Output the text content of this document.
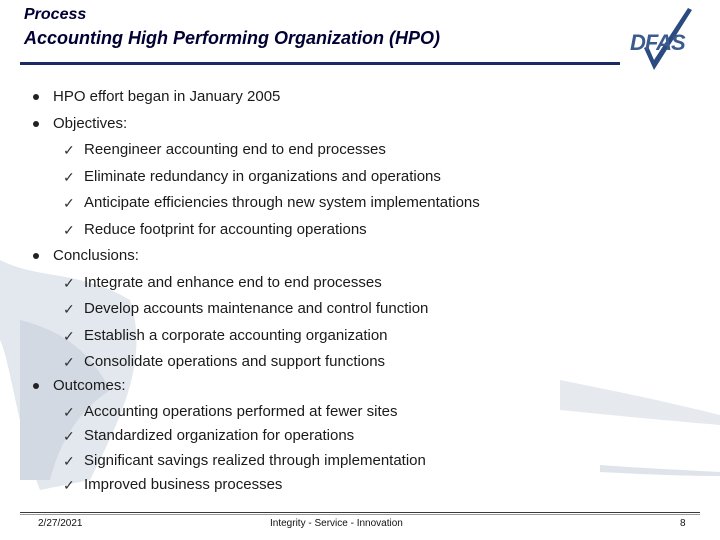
Process
Accounting High Performing Organization (HPO)	DFAS
HPO effort began in January 2005
Objectives:
✓ Reengineer accounting end to end processes
✓ Eliminate redundancy in organizations and operations
✓ Anticipate efficiencies through new system implementations
✓ Reduce footprint for accounting operations
Conclusions:
✓ Integrate and enhance end to end processes
✓ Develop accounts maintenance and control function
✓ Establish a corporate accounting organization
✓ Consolidate operations and support functions
Outcomes:
✓ Accounting operations performed at fewer sites
✓ Standardized organization for operations
✓ Significant savings realized through implementation
✓ Improved business processes
2/27/2021	Integrity - Service - Innovation	8
